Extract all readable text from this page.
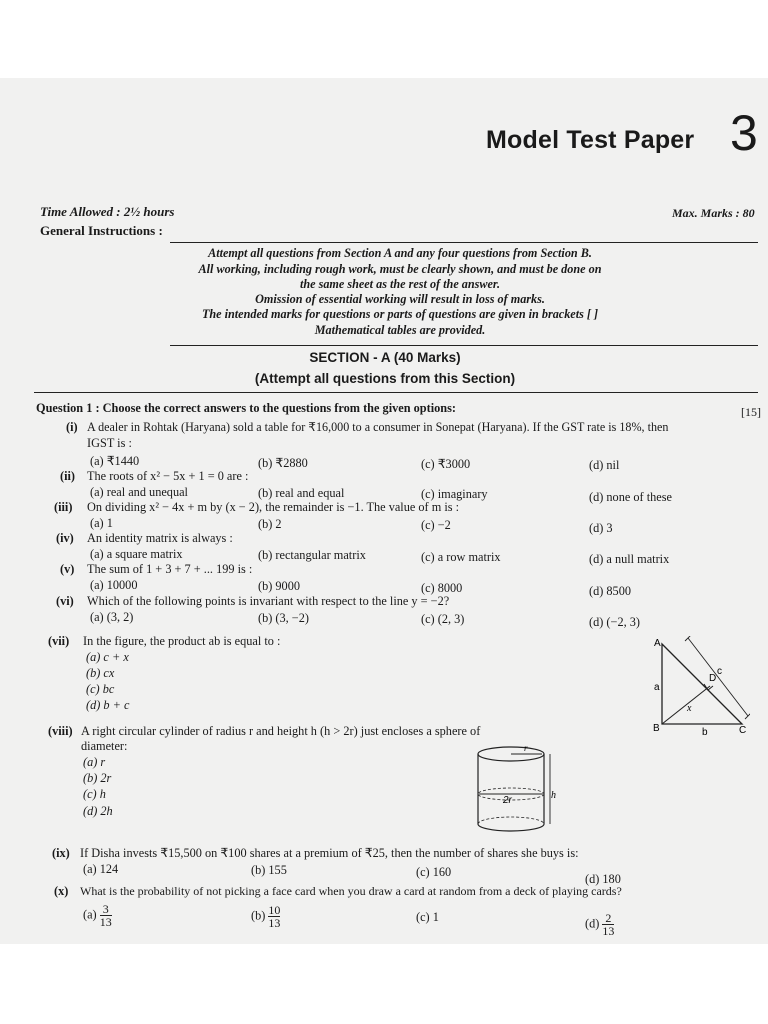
Model Test Paper 3
Time Allowed : 2½ hours	Max. Marks : 80
General Instructions :
Attempt all questions from Section A and any four questions from Section B.
All working, including rough work, must be clearly shown, and must be done on
the same sheet as the rest of the answer.
Omission of essential working will result in loss of marks.
The intended marks for questions or parts of questions are given in brackets [ ]
Mathematical tables are provided.
SECTION - A (40 Marks)
(Attempt all questions from this Section)
Question 1 : Choose the correct answers to the questions from the given options:	[15]
(i) A dealer in Rohtak (Haryana) sold a table for ₹16,000 to a consumer in Sonepat (Haryana). If the GST rate is 18%, then
IGST is :
(a) ₹1440	(b) ₹2880	(c) ₹3000	(d) nil
(ii) The roots of x² − 5x + 1 = 0 are :
(a) real and unequal	(b) real and equal	(c) imaginary	(d) none of these
(iii) On dividing x² − 4x + m by (x − 2), the remainder is −1. The value of m is :
(a) 1	(b) 2	(c) −2	(d) 3
(iv) An identity matrix is always :
(a) a square matrix	(b) rectangular matrix	(c) a row matrix	(d) a null matrix
(v) The sum of 1 + 3 + 7 + ... 199 is :
(a) 10000	(b) 9000	(c) 8000	(d) 8500
(vi) Which of the following points is invariant with respect to the line y = −2?
(a) (3, 2)	(b) (3, −2)	(c) (2, 3)	(d) (−2, 3)
(vii) In the figure, the product ab is equal to :
(a) c + x
(b) cx
(c) bc
(d) b + c
A
B	C
D
a
b
c
x
(viii) A right circular cylinder of radius r and height h (h > 2r) just encloses a sphere of
diameter:
(a) r
(b) 2r
(c) h
(d) 2h
r
2r	h
(ix) If Disha invests ₹15,500 on ₹100 shares at a premium of ₹25, then the number of shares she buys is:
(a) 124	(b) 155	(c) 160	(d) 180
(x) What is the probability of not picking a face card when you draw a card at random from a deck of playing cards?
$(a) \frac{3}{13}$	$(b) \frac{10}{13}$	(c) 1	$(d) \frac{2}{13}$
